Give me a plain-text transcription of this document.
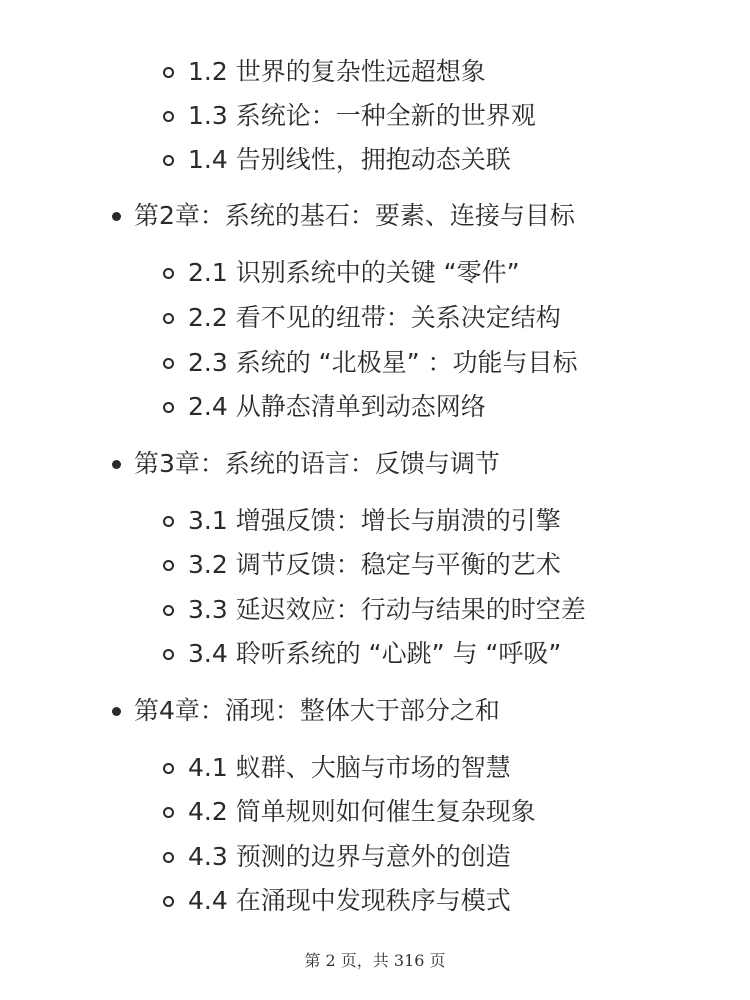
1.2 世界的复杂性远超想象
1.3 系统论：一种全新的世界观
1.4 告别线性，拥抱动态关联
第2章：系统的基石：要素、连接与目标
2.1 识别系统中的关键 “零件”
2.2 看不见的纽带：关系决定结构
2.3 系统的 “北极星” ：功能与目标
2.4 从静态清单到动态网络
第3章：系统的语言：反馈与调节
3.1 增强反馈：增长与崩溃的引擎
3.2 调节反馈：稳定与平衡的艺术
3.3 延迟效应：行动与结果的时空差
3.4 聆听系统的 “心跳” 与 “呼吸”
第4章：涌现：整体大于部分之和
4.1 蚁群、大脑与市场的智慧
4.2 简单规则如何催生复杂现象
4.3 预测的边界与意外的创造
4.4 在涌现中发现秩序与模式
第 2 页，共 316 页
